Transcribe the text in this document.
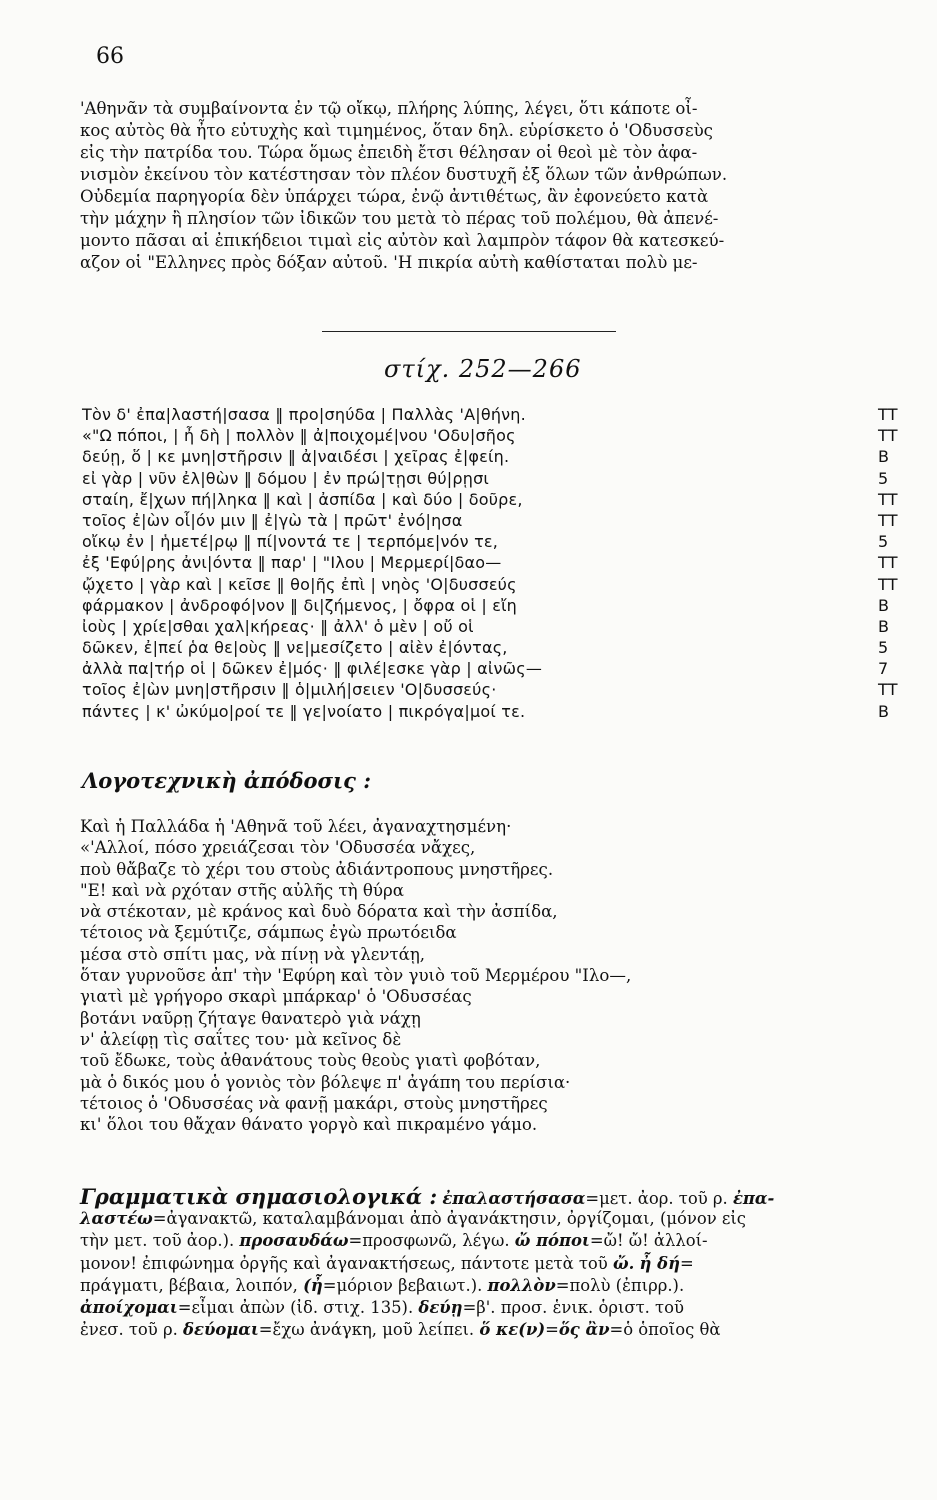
66
'Αθηνᾶν τὰ συμβαίνοντα ἐν τῷ οἴκῳ, πλήρης λύπης, λέγει, ὅτι κάποτε οἶ-
κος αὐτὸς θὰ ἦτο εὐτυχὴς καὶ τιμημένος, ὅταν δηλ. εὑρίσκετο ὁ 'Οδυσσεὺς
εἰς τὴν πατρίδα του. Τώρα ὅμως ἐπειδὴ ἔτσι θέλησαν οἱ θεοὶ μὲ τὸν ἀφα-
νισμὸν ἐκείνου τὸν κατέστησαν τὸν πλέον δυστυχῆ ἐξ ὅλων τῶν ἀνθρώπων.
Οὐδεμία παρηγορία δὲν ὑπάρχει τώρα, ἐνῷ ἀντιθέτως, ἂν ἐφονεύετο κατὰ
τὴν μάχην ἢ πλησίον τῶν ἰδικῶν του μετὰ τὸ πέρας τοῦ πολέμου, θὰ ἀπενέ-
μοντο πᾶσαι αἱ ἐπικήδειοι τιμαὶ εἰς αὐτὸν καὶ λαμπρὸν τάφον θὰ κατεσκεύ-
αζον οἱ "Ελληνες πρὸς δόξαν αὐτοῦ. 'Η πικρία αὐτὴ καθίσταται πολὺ με-
στίχ. 252—266
Τὸν δ' ἐπα|λαστή|σασα ‖ προ|σηύδα | Παλλὰς 'Α|θήνη.	ΤΤ
«"Ω πόποι, | ἦ δὴ | πολλὸν ‖ ἀ|ποιχομέ|νου 'Οδυ|σῆος	ΤΤ
δεύῃ, ὅ | κε μνη|στῆρσιν ‖ ἀ|ναιδέσι | χεῖρας ἐ|φείη.	Β
εἰ γὰρ | νῦν ἐλ|θὼν ‖ δόμου | ἐν πρώ|τῃσι θύ|ρῃσι	5
σταίη, ἔ|χων πή|ληκα ‖ καὶ | ἀσπίδα | καὶ δύο | δοῦρε,	ΤΤ
τοῖος ἐ|ὼν οἷ|όν μιν ‖ ἐ|γὼ τὰ | πρῶτ' ἐνό|ησα	ΤΤ
οἴκῳ ἐν | ἡμετέ|ρῳ ‖ πί|νοντά τε | τερπόμε|νόν τε,	5
ἐξ 'Εφύ|ρης ἀνι|όντα ‖ παρ' | "Ιλου | Μερμερί|δαο—	ΤΤ
ᾤχετο | γὰρ καὶ | κεῖσε ‖ θο|ῆς ἐπὶ | νηὸς 'Ο|δυσσεύς	ΤΤ
φάρμακον | ἀνδροφό|νον ‖ δι|ζήμενος, | ὄφρα οἱ | εἴη	Β
ἰοὺς | χρίε|σθαι χαλ|κήρεας· ‖ ἀλλ' ὁ μὲν | οὔ οἱ	Β
δῶκεν, ἐ|πεί ῥα θε|οὺς ‖ νε|μεσίζετο | αἰὲν ἐ|όντας,	5
ἀλλὰ πα|τήρ οἱ | δῶκεν ἐ|μός· ‖ φιλέ|εσκε γὰρ | αἰνῶς—	7
τοῖος ἐ|ὼν μνη|στῆρσιν ‖ ὁ|μιλή|σειεν 'Ο|δυσσεύς·	ΤΤ
πάντες | κ' ὠκύμο|ροί τε ‖ γε|νοίατο | πικρόγα|μοί τε.	Β
Λογοτεχνικὴ ἀπόδοσις :
Καὶ ἡ Παλλάδα ἡ 'Αθηνᾶ τοῦ λέει, ἀγαναχτησμένη·
«'Αλλοί, πόσο χρειάζεσαι τὸν 'Οδυσσέα νἄχες,
ποὺ θἄβαζε τὸ χέρι του στοὺς ἀδιάντροπους μνηστῆρες.
"Ε! καὶ νὰ ρχόταν στῆς αὐλῆς τὴ θύρα
νὰ στέκοταν, μὲ κράνος καὶ δυὸ δόρατα καὶ τὴν ἀσπίδα,
τέτοιος νὰ ξεμύτιζε, σάμπως ἐγὼ πρωτόειδα
μέσα στὸ σπίτι μας, νὰ πίνῃ νὰ γλεντάῃ,
ὅταν γυρνοῦσε ἀπ' τὴν 'Εφύρη καὶ τὸν γυιὸ τοῦ Μερμέρου "Ιλο—,
γιατὶ μὲ γρήγορο σκαρὶ μπάρκαρ' ὁ 'Οδυσσέας
βοτάνι ναῦρῃ ζήταγε θανατερὸ γιὰ νάχῃ
ν' ἀλείφῃ τὶς σαΐτες του· μὰ κεῖνος δὲ
τοῦ ἔδωκε, τοὺς ἀθανάτους τοὺς θεοὺς γιατὶ φοβόταν,
μὰ ὁ δικός μου ὁ γονιὸς τὸν βόλεψε π' ἀγάπη του περίσια·
τέτοιος ὁ 'Οδυσσέας νὰ φανῇ μακάρι, στοὺς μνηστῆρες
κι' ὅλοι του θἄχαν θάνατο γοργὸ καὶ πικραμένο γάμο.
Γραμματικὰ σημασιολογικά : ἐπαλαστήσασα=μετ. ἀορ. τοῦ ρ. ἐπα-
λαστέω=ἀγανακτῶ, καταλαμβάνομαι ἀπὸ ἀγανάκτησιν, ὀργίζομαι, (μόνον εἰς
τὴν μετ. τοῦ ἀορ.). προσαυδάω=προσφωνῶ, λέγω. ὤ πόποι=ὤ! ὤ! ἀλλοί-
μονον! ἐπιφώνημα ὀργῆς καὶ ἀγανακτήσεως, πάντοτε μετὰ τοῦ ὤ. ἦ δή=
πράγματι, βέβαια, λοιπόν, (ἦ=μόριον βεβαιωτ.). πολλὸν=πολὺ (ἐπιρρ.).
ἀποίχομαι=εἶμαι ἀπὼν (ἰδ. στιχ. 135). δεύῃ=β'. προσ. ἑνικ. ὁριστ. τοῦ
ἐνεσ. τοῦ ρ. δεύομαι=ἔχω ἀνάγκη, μοῦ λείπει. ὅ κε(ν)=ὅς ἂν=ὁ ὁποῖος θὰ
